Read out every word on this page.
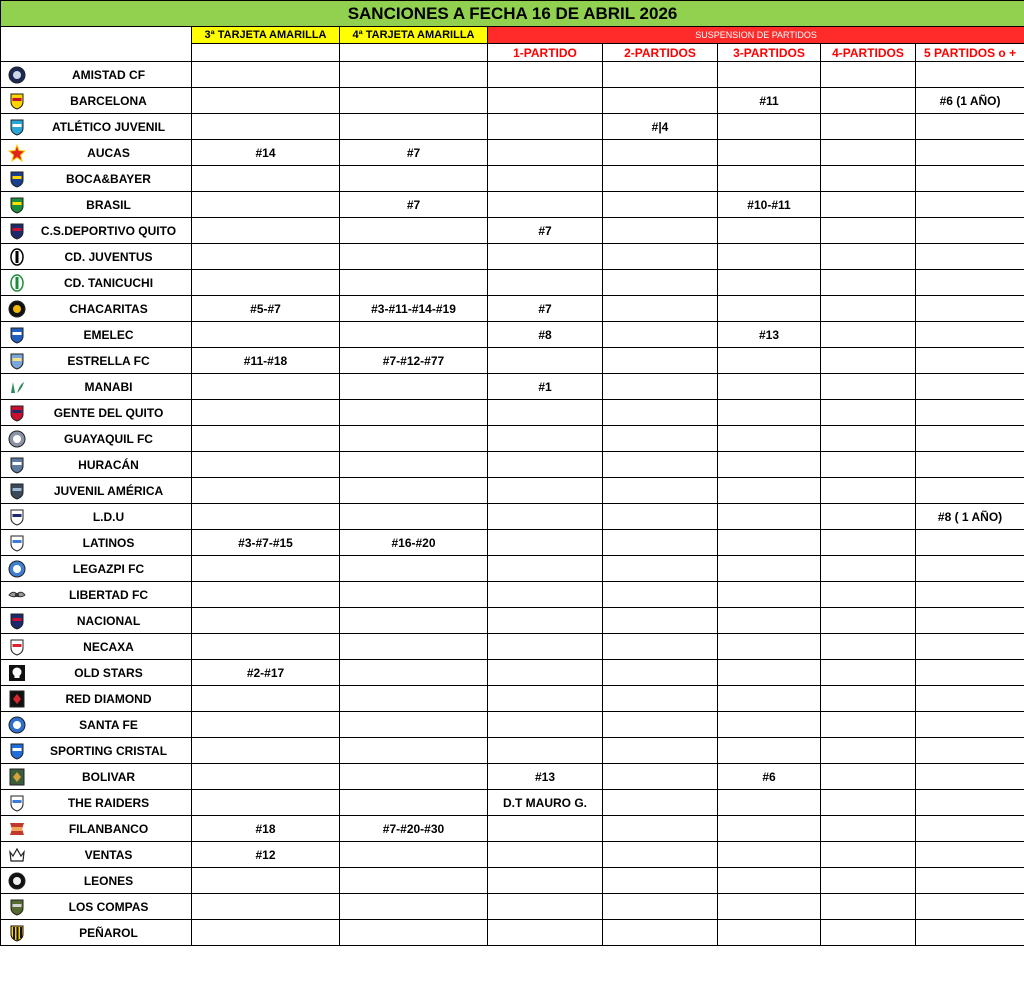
SANCIONES A FECHA 16 DE ABRIL 2026							
	3ª TARJETA AMARILLA	4ª TARJETA AMARILLA	SUSPENSION DE PARTIDOS				
			1-PARTIDO	2-PARTIDOS	3-PARTIDOS	4-PARTIDOS	5 PARTIDOS o +

AMISTAD CF							

BARCELONA					#11		#6 (1 AÑO)

ATLÉTICO JUVENIL				#|4			

AUCAS	#14	#7					

BOCA&BAYER							

BRASIL		#7			#10-#11		

C.S.DEPORTIVO QUITO			#7				

CD. JUVENTUS							

CD. TANICUCHI							

CHACARITAS	#5-#7	#3-#11-#14-#19	#7				

EMELEC			#8		#13		

ESTRELLA FC	#11-#18	#7-#12-#77					

MANABI			#1				

GENTE DEL QUITO							

GUAYAQUIL FC							

HURACÁN							

JUVENIL AMÉRICA							

L.D.U							#8 ( 1 AÑO)

LATINOS	#3-#7-#15	#16-#20					

LEGAZPI FC							

LIBERTAD FC							

NACIONAL							

NECAXA							

OLD STARS	#2-#17						

RED DIAMOND							

SANTA FE							

SPORTING CRISTAL							

BOLIVAR			#13		#6		

THE RAIDERS			D.T MAURO G.				

FILANBANCO	#18	#7-#20-#30					

VENTAS	#12						

LEONES							

LOS COMPAS							

PEÑAROL							
